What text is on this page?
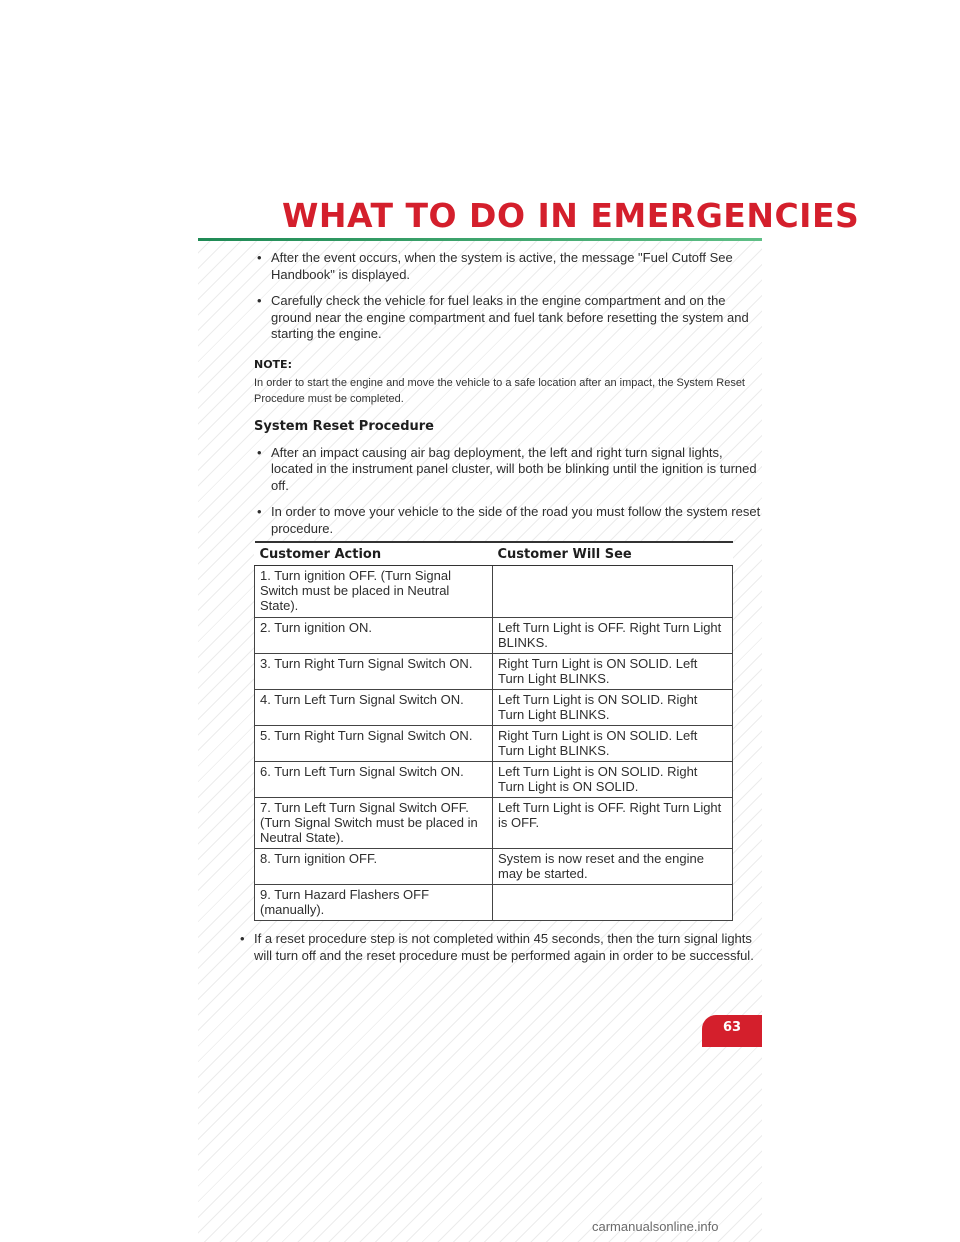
WHAT TO DO IN EMERGENCIES
• After the event occurs, when the system is active, the message "Fuel Cutoff See Handbook" is displayed.
• Carefully check the vehicle for fuel leaks in the engine compartment and on the ground near the engine compartment and fuel tank before resetting the system and starting the engine.
NOTE:
In order to start the engine and move the vehicle to a safe location after an impact, the System Reset Procedure must be completed.
System Reset Procedure
• After an impact causing air bag deployment, the left and right turn signal lights, located in the instrument panel cluster, will both be blinking until the ignition is turned off.
• In order to move your vehicle to the side of the road you must follow the system reset procedure.
Customer Action	Customer Will See
1. Turn ignition OFF. (Turn Signal Switch must be placed in Neutral State).	
2. Turn ignition ON.	Left Turn Light is OFF. Right Turn Light BLINKS.
3. Turn Right Turn Signal Switch ON.	Right Turn Light is ON SOLID. Left Turn Light BLINKS.
4. Turn Left Turn Signal Switch ON.	Left Turn Light is ON SOLID. Right Turn Light BLINKS.
5. Turn Right Turn Signal Switch ON.	Right Turn Light is ON SOLID. Left Turn Light BLINKS.
6. Turn Left Turn Signal Switch ON.	Left Turn Light is ON SOLID. Right Turn Light is ON SOLID.
7. Turn Left Turn Signal Switch OFF. (Turn Signal Switch must be placed in Neutral State).	Left Turn Light is OFF. Right Turn Light is OFF.
8. Turn ignition OFF.	System is now reset and the engine may be started.
9. Turn Hazard Flashers OFF (manually).	
• If a reset procedure step is not completed within 45 seconds, then the turn signal lights will turn off and the reset procedure must be performed again in order to be successful.
63
carmanualsonline.info
